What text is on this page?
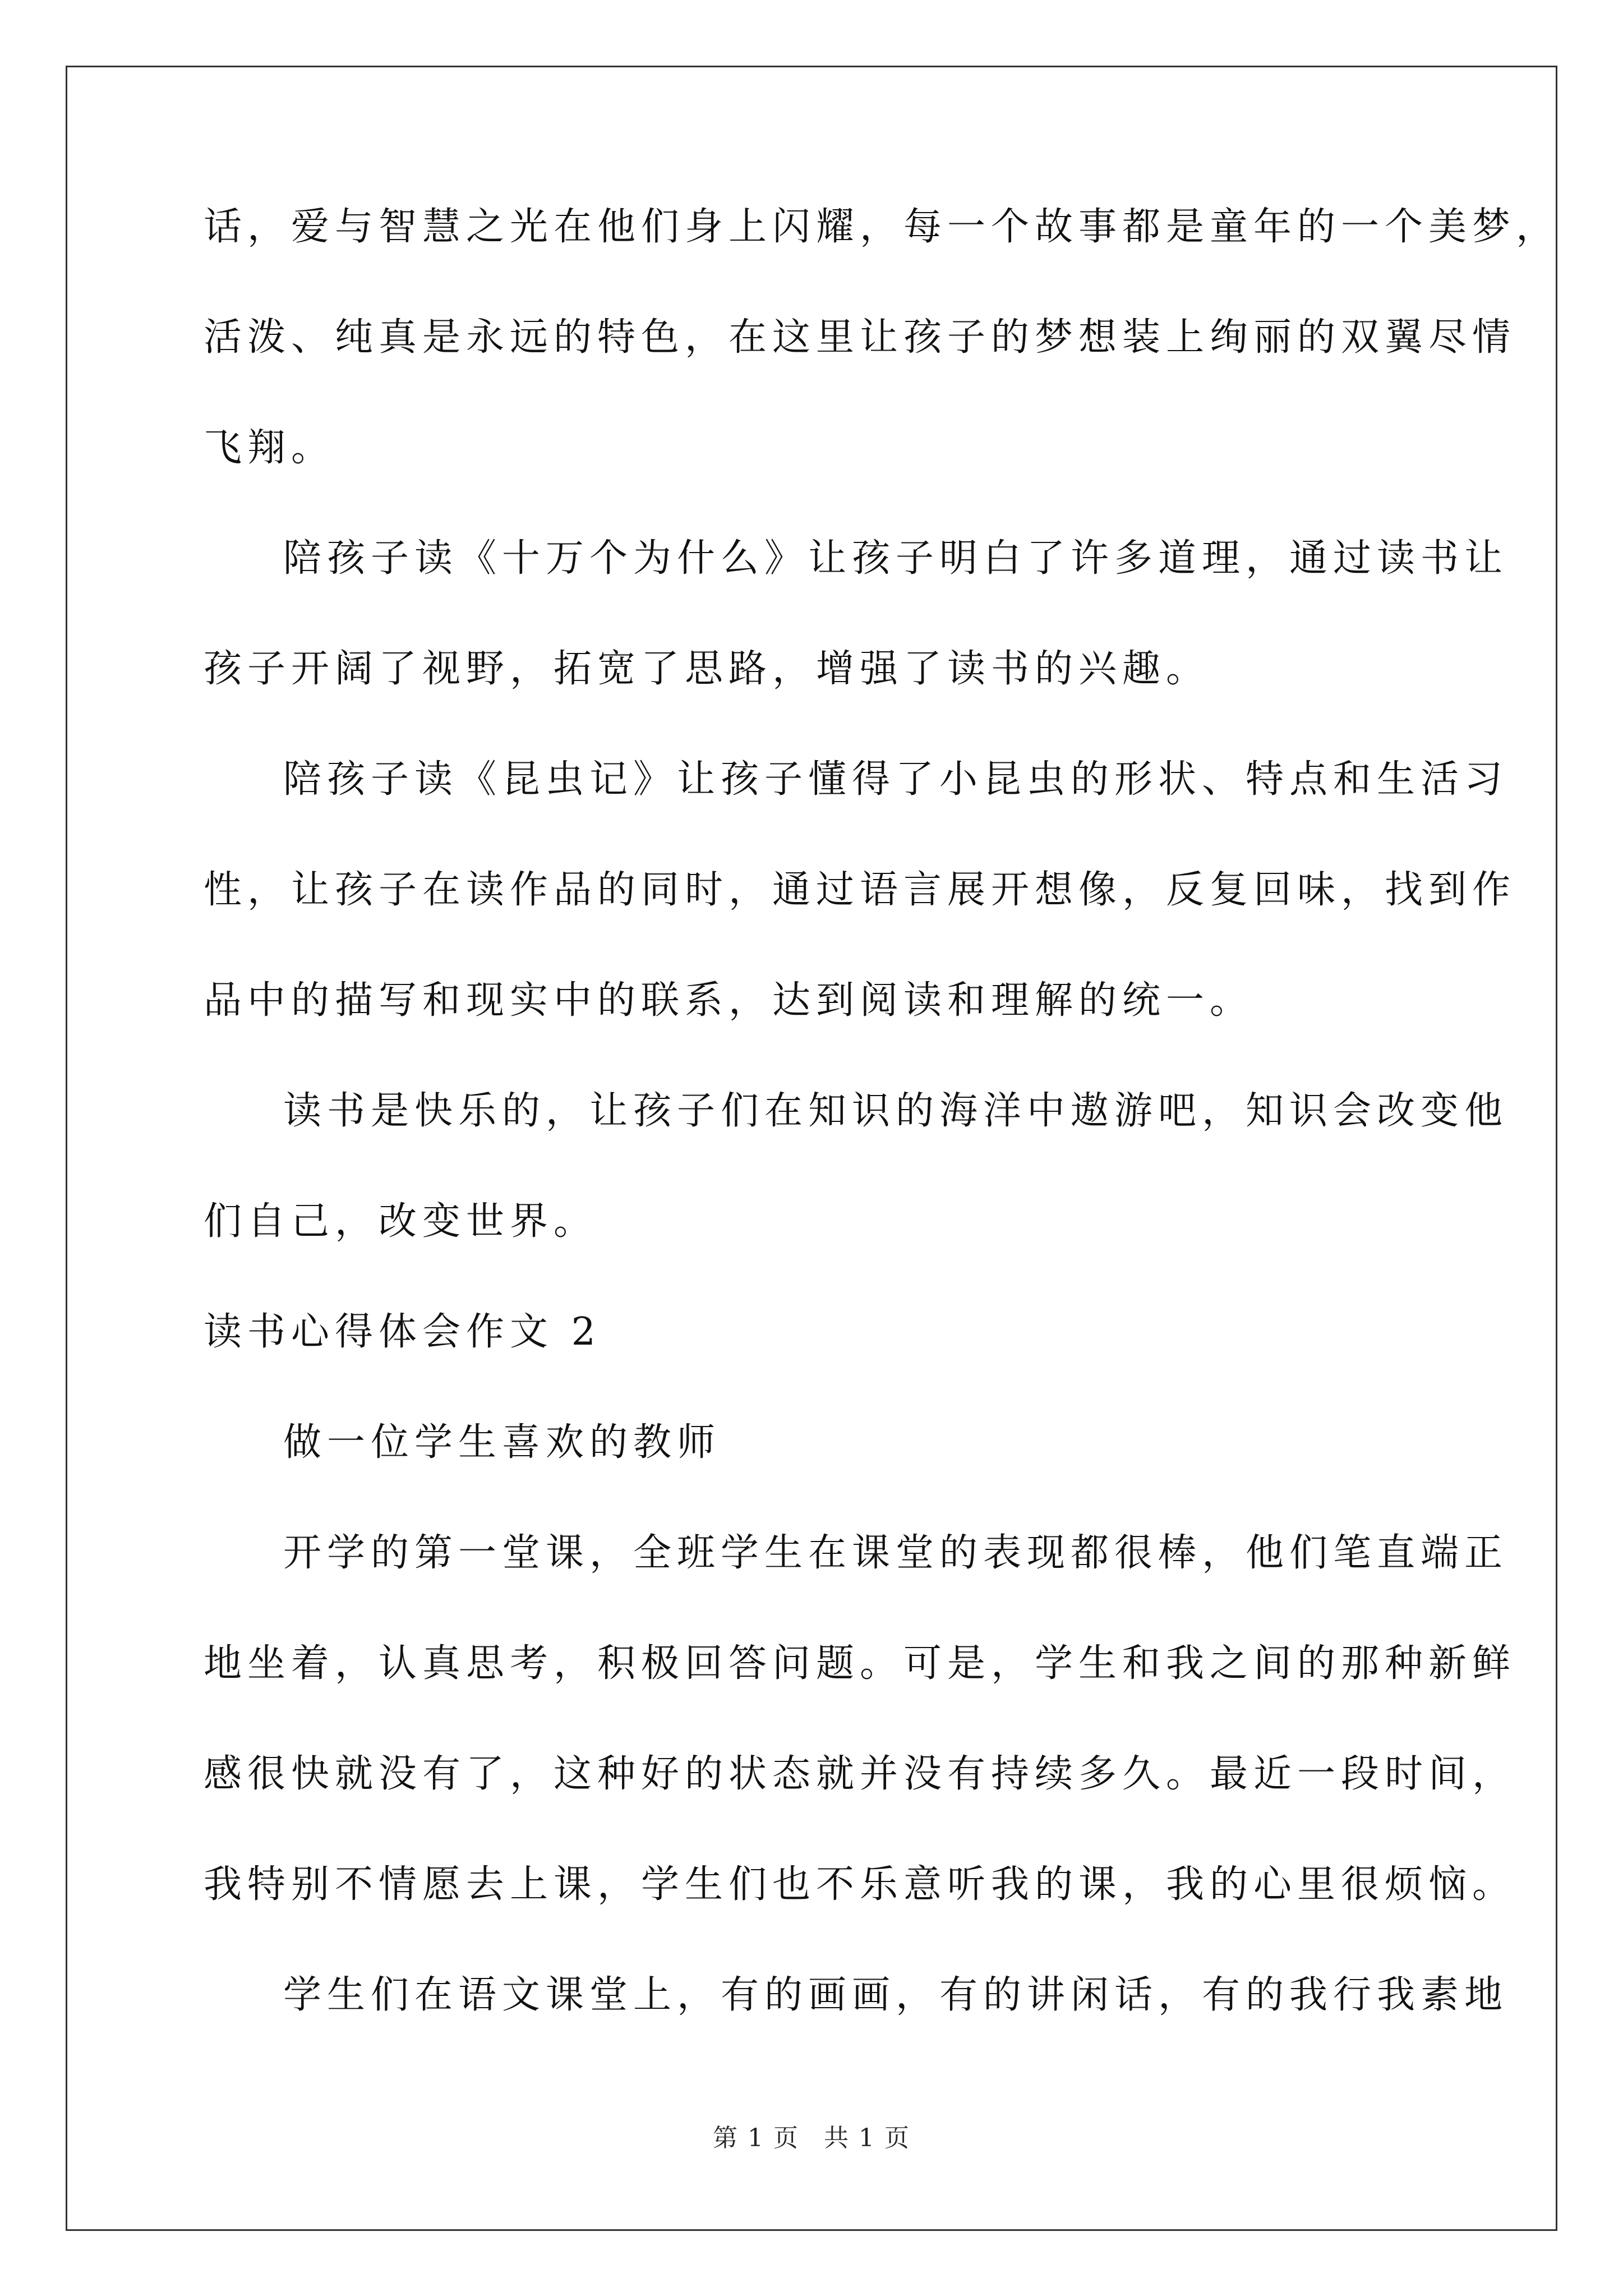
话，爱与智慧之光在他们身上闪耀，每一个故事都是童年的一个美梦，
活泼、纯真是永远的特色，在这里让孩子的梦想装上绚丽的双翼尽情
飞翔。
陪孩子读《十万个为什么》让孩子明白了许多道理，通过读书让
孩子开阔了视野，拓宽了思路，增强了读书的兴趣。
陪孩子读《昆虫记》让孩子懂得了小昆虫的形状、特点和生活习
性，让孩子在读作品的同时，通过语言展开想像，反复回味，找到作
品中的描写和现实中的联系，达到阅读和理解的统一。
读书是快乐的，让孩子们在知识的海洋中遨游吧，知识会改变他
们自己，改变世界。
读书心得体会作文 2
做一位学生喜欢的教师
开学的第一堂课，全班学生在课堂的表现都很棒，他们笔直端正
地坐着，认真思考，积极回答问题。可是，学生和我之间的那种新鲜
感很快就没有了，这种好的状态就并没有持续多久。最近一段时间，
我特别不情愿去上课，学生们也不乐意听我的课，我的心里很烦恼。
学生们在语文课堂上，有的画画，有的讲闲话，有的我行我素地
第 1 页 共 1 页
